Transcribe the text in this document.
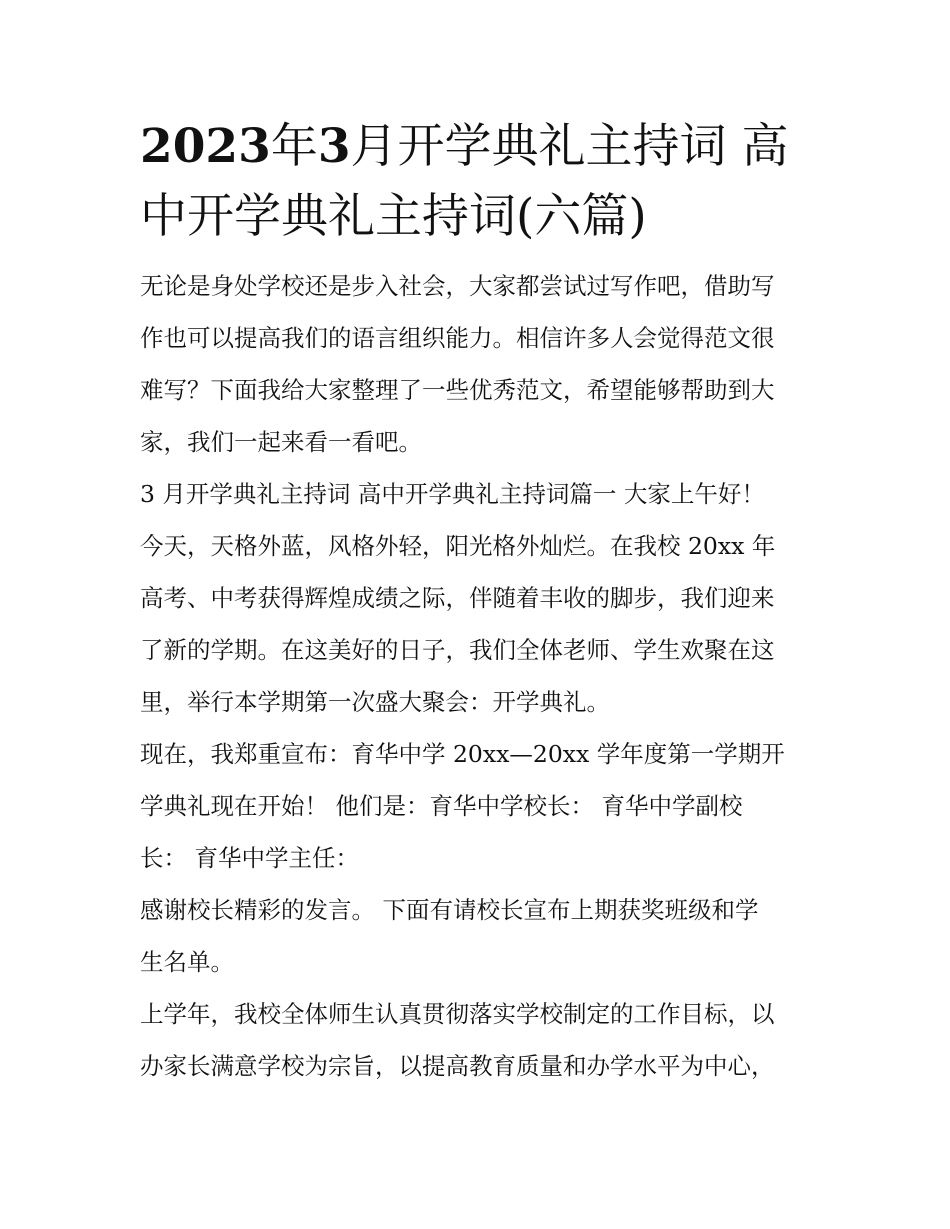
2023年3月开学典礼主持词 高
中开学典礼主持词(六篇)

无论是身处学校还是步入社会，大家都尝试过写作吧，借助写
作也可以提高我们的语言组织能力。相信许多人会觉得范文很
难写？下面我给大家整理了一些优秀范文，希望能够帮助到大
家，我们一起来看一看吧。

3 月开学典礼主持词 高中开学典礼主持词篇一 大家上午好！

今天，天格外蓝，风格外轻，阳光格外灿烂。在我校 20xx 年
高考、中考获得辉煌成绩之际，伴随着丰收的脚步，我们迎来
了新的学期。在这美好的日子，我们全体老师、学生欢聚在这
里，举行本学期第一次盛大聚会：开学典礼。

现在，我郑重宣布：育华中学 20xx—20xx 学年度第一学期开
学典礼现在开始！ 他们是：育华中学校长： 育华中学副校
长： 育华中学主任：

感谢校长精彩的发言。 下面有请校长宣布上期获奖班级和学
生名单。

上学年，我校全体师生认真贯彻落实学校制定的工作目标，以
办家长满意学校为宗旨，以提高教育质量和办学水平为中心，
